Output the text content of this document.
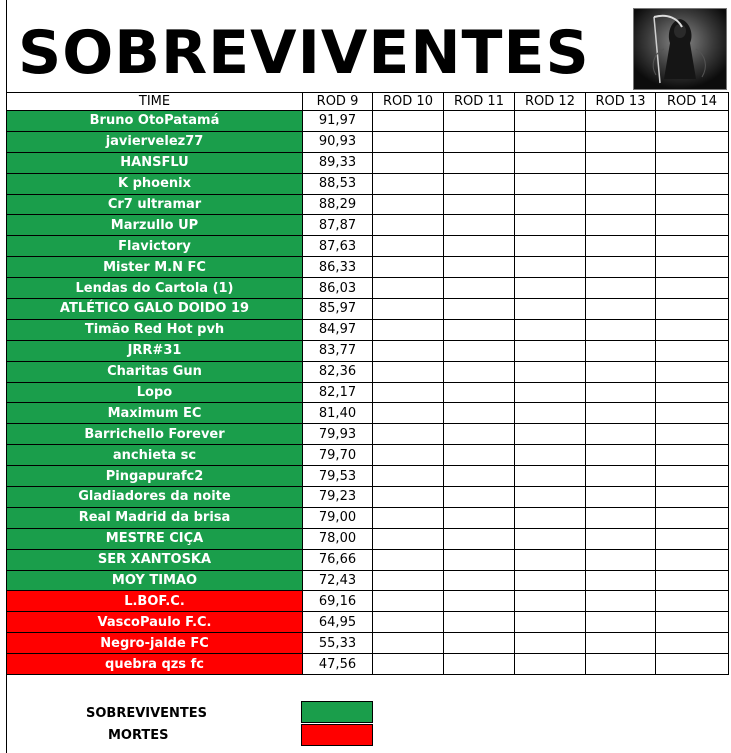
SOBREVIVENTES
TIME	ROD 9	ROD 10	ROD 11	ROD 12	ROD 13	ROD 14
Bruno OtoPatamá	91,97					
javiervelez77	90,93					
HANSFLU	89,33					
K phoenix	88,53					
Cr7 ultramar	88,29					
Marzullo UP	87,87					
Flavictory	87,63					
Mister M.N FC	86,33					
Lendas do Cartola (1)	86,03					
ATLÉTICO GALO DOIDO 19	85,97					
Timão Red Hot pvh	84,97					
JRR#31	83,77					
Charitas Gun	82,36					
Lopo	82,17					
Maximum EC	81,40					
Barrichello Forever	79,93					
anchieta sc	79,70					
Pingapurafc2	79,53					
Gladiadores da noite	79,23					
Real Madrid da brisa	79,00					
MESTRE CIÇA	78,00					
SER XANTOSKA	76,66					
MOY TIMAO	72,43					
L.BOF.C.	69,16					
VascoPaulo F.C.	64,95					
Negro-jalde FC	55,33					
quebra qzs fc	47,56					

SOBREVIVENTES
MORTES
